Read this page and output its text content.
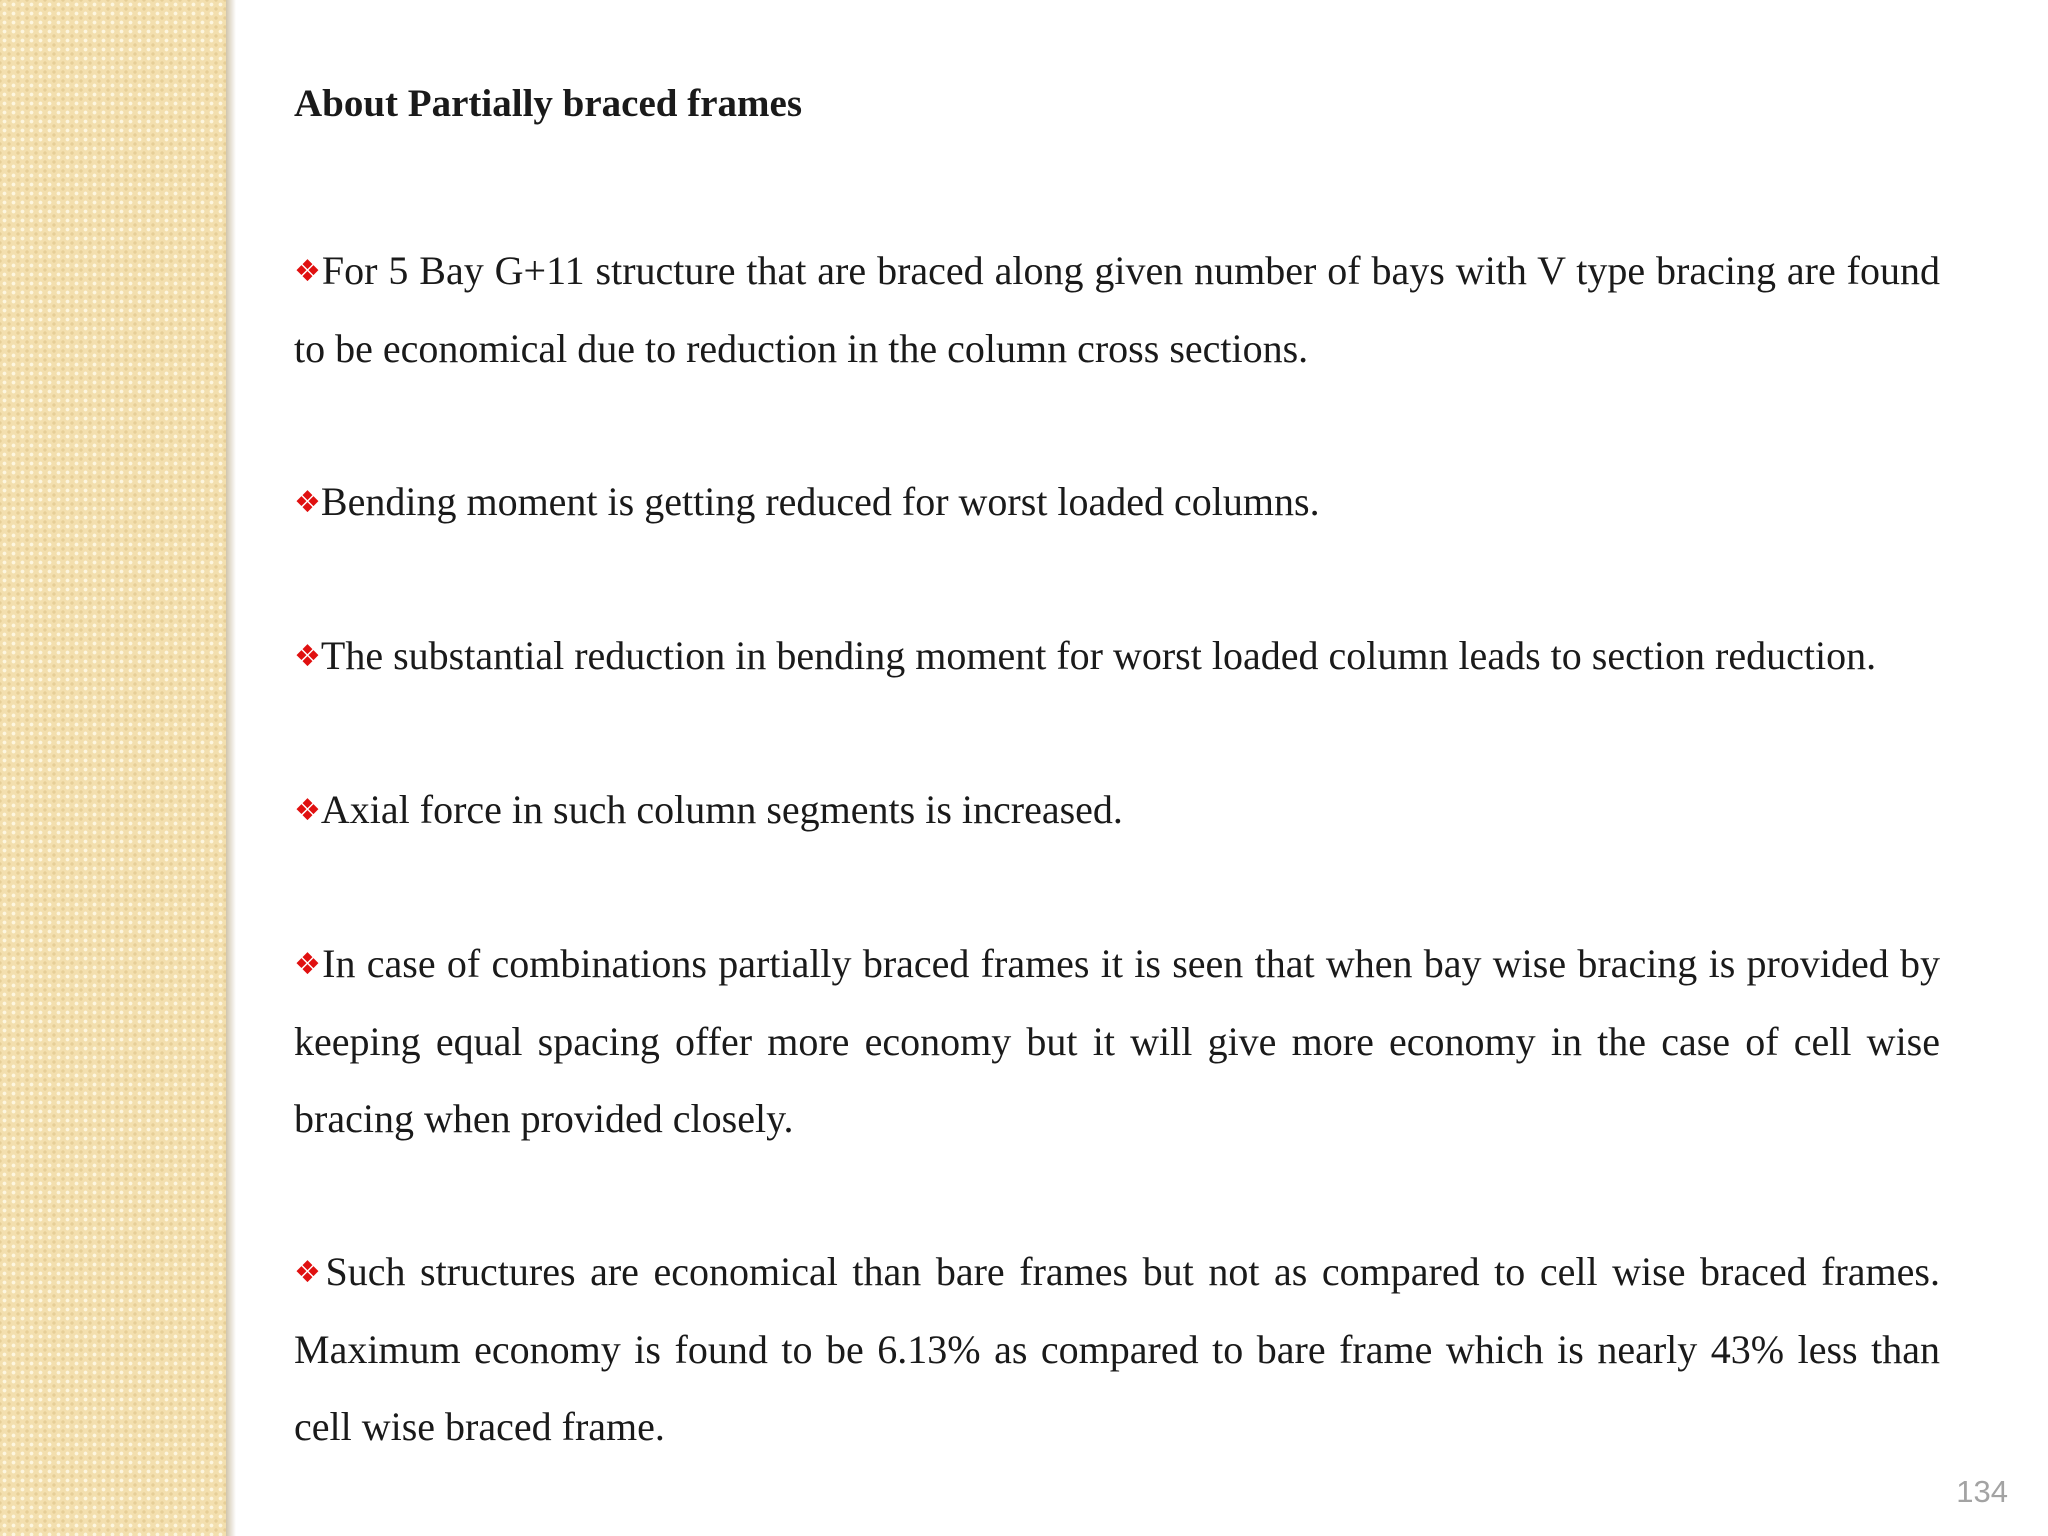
About Partially braced frames
❖For 5 Bay G+11 structure that are braced along given number of bays with V type bracing are found to be economical due to reduction in the column cross sections.
❖Bending moment is getting reduced for worst loaded columns.
❖The substantial reduction in bending moment for worst loaded column leads to section reduction.
❖Axial force in such column segments is increased.
❖In case of combinations partially braced frames it is seen that when bay wise bracing is provided by keeping equal spacing offer more economy but it will give more economy in the case of cell wise bracing when provided closely.
❖Such structures are economical than bare frames but not as compared to cell wise braced frames. Maximum economy is found to be 6.13% as compared to bare frame which is nearly 43% less than cell wise braced frame.
134
